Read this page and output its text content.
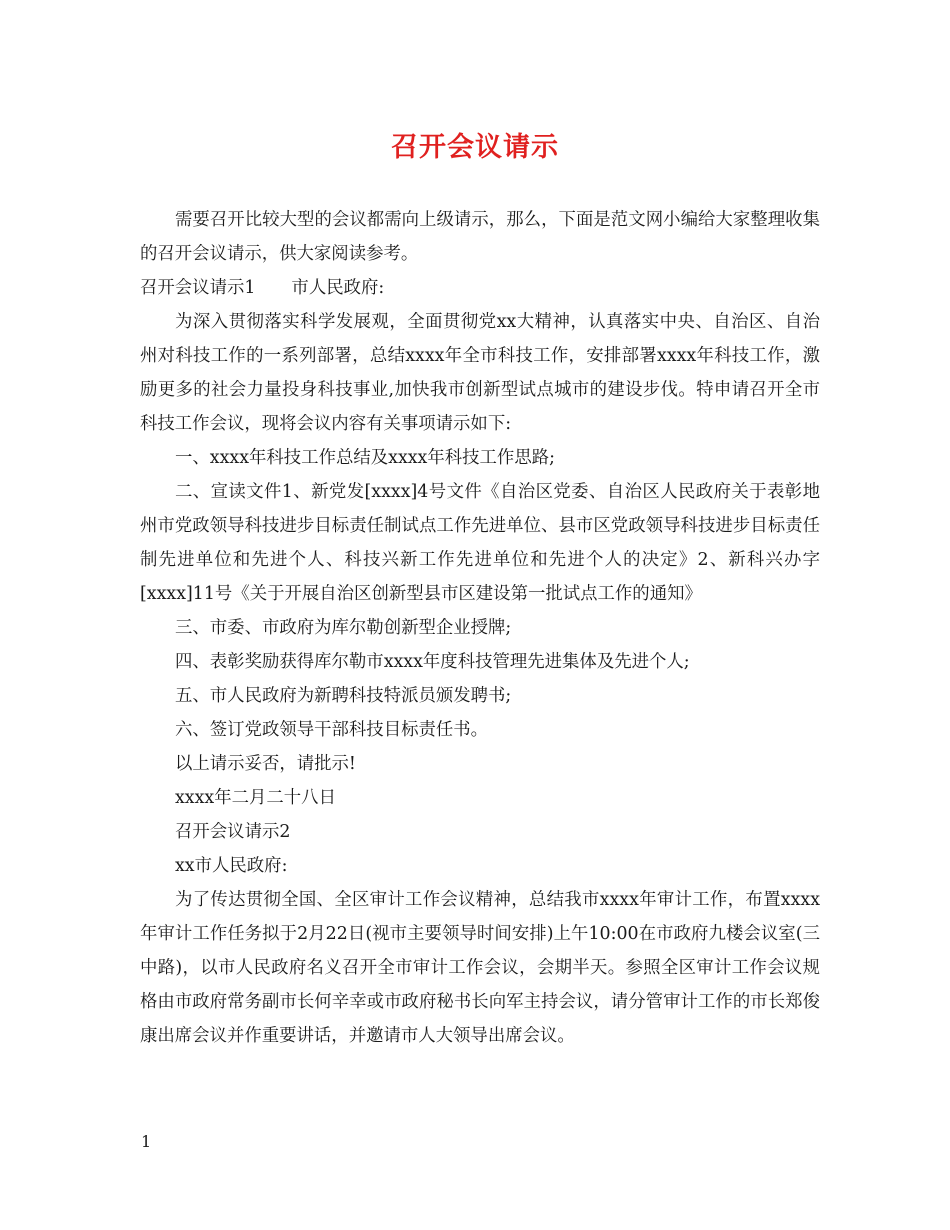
召开会议请示

需要召开比较大型的会议都需向上级请示，那么，下面是范文网小编给大家整理收集的召开会议请示，供大家阅读参考。

召开会议请示1 市人民政府:

为深入贯彻落实科学发展观，全面贯彻党xx大精神，认真落实中央、自治区、自治州对科技工作的一系列部署，总结xxxx年全市科技工作，安排部署xxxx年科技工作，激励更多的社会力量投身科技事业,加快我市创新型试点城市的建设步伐。特申请召开全市科技工作会议，现将会议内容有关事项请示如下:

一、xxxx年科技工作总结及xxxx年科技工作思路;

二、宣读文件1、新党发[xxxx]4号文件《自治区党委、自治区人民政府关于表彰地州市党政领导科技进步目标责任制试点工作先进单位、县市区党政领导科技进步目标责任制先进单位和先进个人、科技兴新工作先进单位和先进个人的决定》2、新科兴办字[xxxx]11号《关于开展自治区创新型县市区建设第一批试点工作的通知》

三、市委、市政府为库尔勒创新型企业授牌;

四、表彰奖励获得库尔勒市xxxx年度科技管理先进集体及先进个人;

五、市人民政府为新聘科技特派员颁发聘书;

六、签订党政领导干部科技目标责任书。

以上请示妥否，请批示!

xxxx年二月二十八日

召开会议请示2

xx市人民政府:

为了传达贯彻全国、全区审计工作会议精神，总结我市xxxx年审计工作，布置xxxx年审计工作任务拟于2月22日(视市主要领导时间安排)上午10:00在市政府九楼会议室(三中路)，以市人民政府名义召开全市审计工作会议，会期半天。参照全区审计工作会议规格由市政府常务副市长何辛幸或市政府秘书长向军主持会议，请分管审计工作的市长郑俊康出席会议并作重要讲话，并邀请市人大领导出席会议。

1
